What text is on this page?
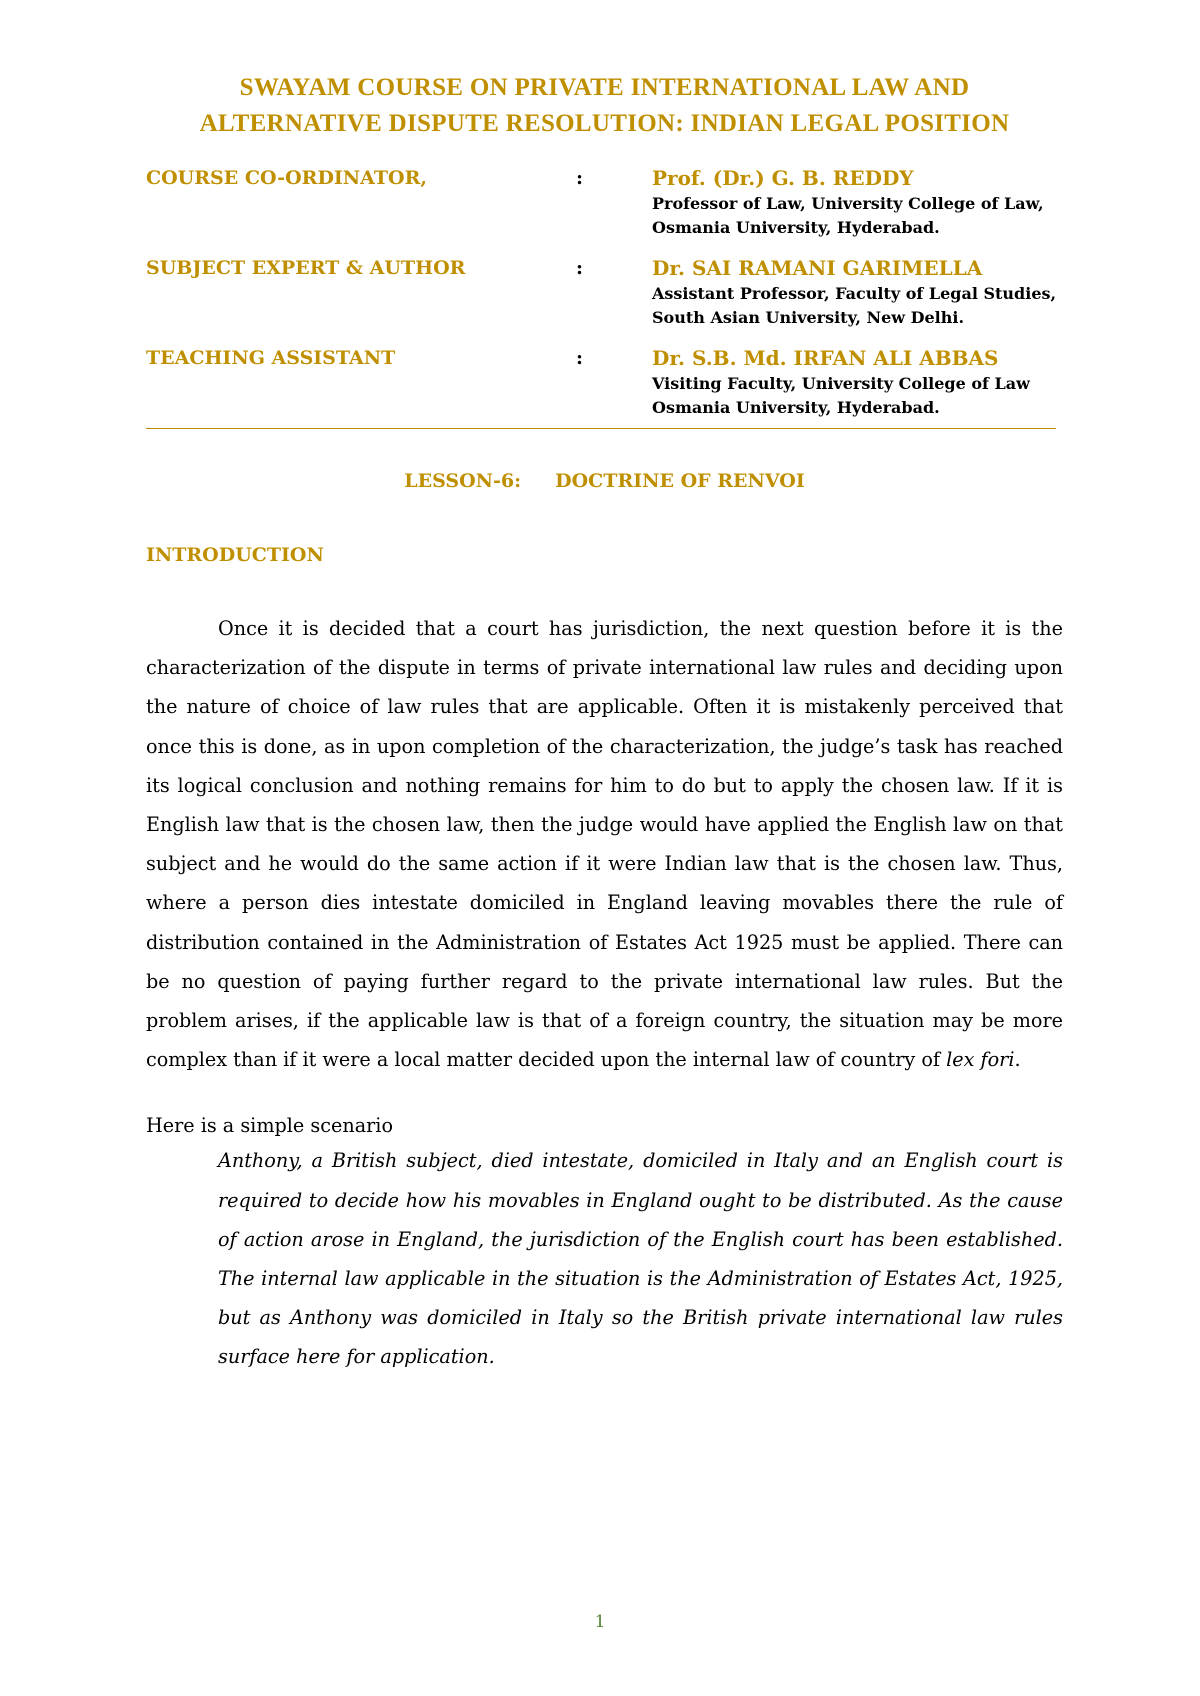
SWAYAM COURSE ON PRIVATE INTERNATIONAL LAW AND
ALTERNATIVE DISPUTE RESOLUTION: INDIAN LEGAL POSITION
COURSE CO-ORDINATOR,	:	Prof. (Dr.) G. B. REDDY
Professor of Law, University College of Law,
Osmania University, Hyderabad.
SUBJECT EXPERT & AUTHOR	:	Dr. SAI RAMANI GARIMELLA
Assistant Professor, Faculty of Legal Studies,
South Asian University, New Delhi.
TEACHING ASSISTANT	:	Dr. S.B. Md. IRFAN ALI ABBAS
Visiting Faculty, University College of Law
Osmania University, Hyderabad.
LESSON-6: DOCTRINE OF RENVOI
INTRODUCTION

Once it is decided that a court has jurisdiction, the next question before it is the characterization of the dispute in terms of private international law rules and deciding upon the nature of choice of law rules that are applicable. Often it is mistakenly perceived that once this is done, as in upon completion of the characterization, the judge’s task has reached its logical conclusion and nothing remains for him to do but to apply the chosen law. If it is English law that is the chosen law, then the judge would have applied the English law on that subject and he would do the same action if it were Indian law that is the chosen law. Thus, where a person dies intestate domiciled in England leaving movables there the rule of distribution contained in the Administration of Estates Act 1925 must be applied. There can be no question of paying further regard to the private international law rules. But the problem arises, if the applicable law is that of a foreign country, the situation may be more complex than if it were a local matter decided upon the internal law of country of lex fori.

Here is a simple scenario

Anthony, a British subject, died intestate, domiciled in Italy and an English court is required to decide how his movables in England ought to be distributed. As the cause of action arose in England, the jurisdiction of the English court has been established. The internal law applicable in the situation is the Administration of Estates Act, 1925, but as Anthony was domiciled in Italy so the British private international law rules surface here for application.

1
